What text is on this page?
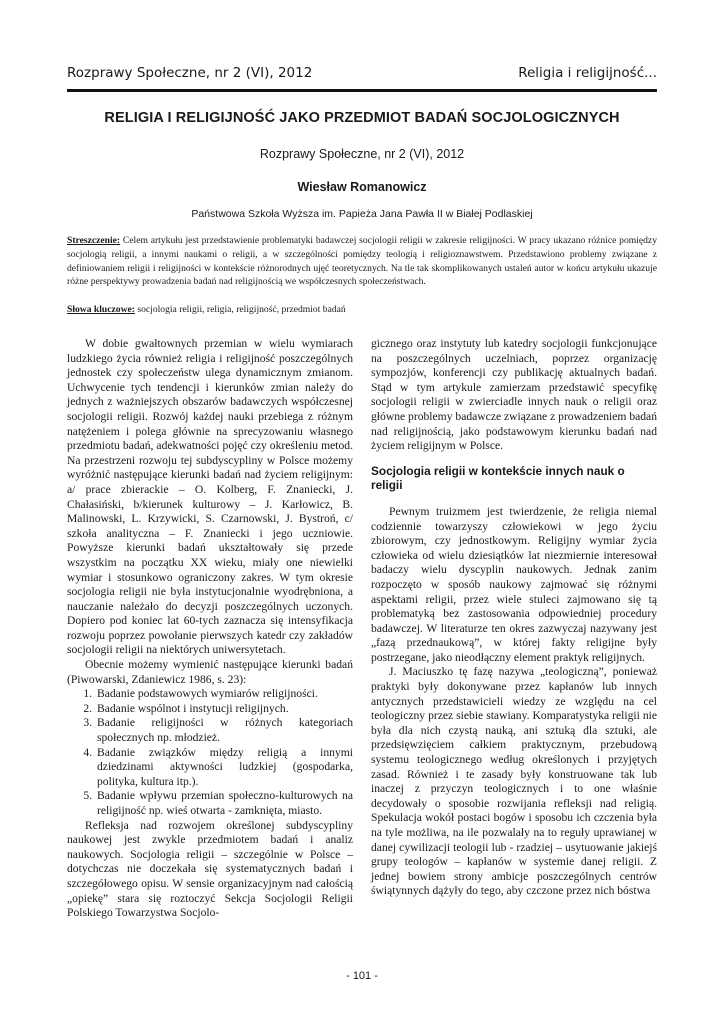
Rozprawy Społeczne, nr 2 (VI), 2012	Religia i religijność...
RELIGIA I RELIGIJNOŚĆ JAKO PRZEDMIOT BADAŃ SOCJOLOGICZNYCH
Rozprawy Społeczne, nr 2 (VI), 2012
Wiesław Romanowicz
Państwowa Szkoła Wyższa im. Papieża Jana Pawła II w Białej Podlaskiej
Streszczenie: Celem artykułu jest przedstawienie problematyki badawczej socjologii religii w zakresie religijności. W pracy ukazano różnice pomiędzy socjologią religii, a innymi naukami o religii, a w szczególności pomiędzy teologią i religioznawstwem. Przedstawiono problemy związane z definiowaniem religii i religijności w kontekście różnorodnych ujęć teoretycznych. Na tle tak skomplikowanych ustaleń autor w końcu artykułu ukazuje różne perspektywy prowadzenia badań nad religijnością we współczesnych społeczeństwach.
Słowa kluczowe: socjologia religii, religia, religijność, przedmiot badań

W dobie gwałtownych przemian w wielu wymiarach ludzkiego życia również religia i religijność poszczególnych jednostek czy społeczeństw ulega dynamicznym zmianom. Uchwycenie tych tendencji i kierunków zmian należy do jednych z ważniejszych obszarów badawczych współczesnej socjologii religii. Rozwój każdej nauki przebiega z różnym natężeniem i polega głównie na sprecyzowaniu własnego przedmiotu badań, adekwatności pojęć czy określeniu metod. Na przestrzeni rozwoju tej subdyscypliny w Polsce możemy wyróżnić następujące kierunki badań nad życiem religijnym: a/ prace zbierackie – O. Kolberg, F. Znaniecki, J. Chałasiński, b/kierunek kulturowy – J. Karłowicz, B. Malinowski, L. Krzywicki, S. Czarnowski, J. Bystroń, c/ szkoła analityczna – F. Znaniecki i jego uczniowie. Powyższe kierunki badań ukształtowały się przede wszystkim na początku XX wieku, miały one niewielki wymiar i stosunkowo ograniczony zakres. W tym okresie socjologia religii nie była instytucjonalnie wyodrębniona, a nauczanie należało do decyzji poszczególnych uczonych. Dopiero pod koniec lat 60-tych zaznacza się intensyfikacja rozwoju poprzez powołanie pierwszych katedr czy zakładów socjologii religii na niektórych uniwersytetach.

Obecnie możemy wymienić następujące kierunki badań (Piwowarski, Zdaniewicz 1986, s. 23):

1. Badanie podstawowych wymiarów religijności.
2. Badanie wspólnot i instytucji religijnych.
3. Badanie religijności w różnych kategoriach społecznych np. młodzież.
4. Badanie związków między religią a innymi dziedzinami aktywności ludzkiej (gospodarka, polityka, kultura itp.).
5. Badanie wpływu przemian społeczno-kulturowych na religijność np. wieś otwarta - zamknięta, miasto.

Refleksja nad rozwojem określonej subdyscypliny naukowej jest zwykle przedmiotem badań i analiz naukowych. Socjologia religii – szczególnie w Polsce – dotychczas nie doczekała się systematycznych badań i szczegółowego opisu. W sensie organizacyjnym nad całością „opiekę” stara się roztoczyć Sekcja Socjologii Religii Polskiego Towarzystwa Socjolo-

gicznego oraz instytuty lub katedry socjologii funkcjonujące na poszczególnych uczelniach, poprzez organizację sympozjów, konferencji czy publikację aktualnych badań. Stąd w tym artykule zamierzam przedstawić specyfikę socjologii religii w zwierciadle innych nauk o religii oraz główne problemy badawcze związane z prowadzeniem badań nad religijnością, jako podstawowym kierunku badań nad życiem religijnym w Polsce.

Socjologia religii w kontekście innych nauk o religii

Pewnym truizmem jest twierdzenie, że religia niemal codziennie towarzyszy człowiekowi w jego życiu zbiorowym, czy jednostkowym. Religijny wymiar życia człowieka od wielu dziesiątków lat niezmiernie interesował badaczy wielu dyscyplin naukowych. Jednak zanim rozpoczęto w sposób naukowy zajmować się różnymi aspektami religii, przez wiele stuleci zajmowano się tą problematyką bez zastosowania odpowiedniej procedury badawczej. W literaturze ten okres zazwyczaj nazywany jest „fazą przednaukową”, w której fakty religijne były postrzegane, jako nieodłączny element praktyk religijnych.

J. Maciuszko tę fazę nazywa „teologiczną”, ponieważ praktyki były dokonywane przez kapłanów lub innych antycznych przedstawicieli wiedzy ze względu na cel teologiczny przez siebie stawiany. Komparatystyka religii nie była dla nich czystą nauką, ani sztuką dla sztuki, ale przedsięwzięciem całkiem praktycznym, przebudową systemu teologicznego według określonych i przyjętych zasad. Również i te zasady były konstruowane tak lub inaczej z przyczyn teologicznych i to one właśnie decydowały o sposobie rozwijania refleksji nad religią. Spekulacja wokół postaci bogów i sposobu ich czczenia była na tyle możliwa, na ile pozwalały na to reguły uprawianej w danej cywilizacji teologii lub - rzadziej – usytuowanie jakiejś grupy teologów – kapłanów w systemie danej religii. Z jednej bowiem strony ambicje poszczególnych centrów świątynnych dążyły do tego, aby czczone przez nich bóstwa

- 101 -
